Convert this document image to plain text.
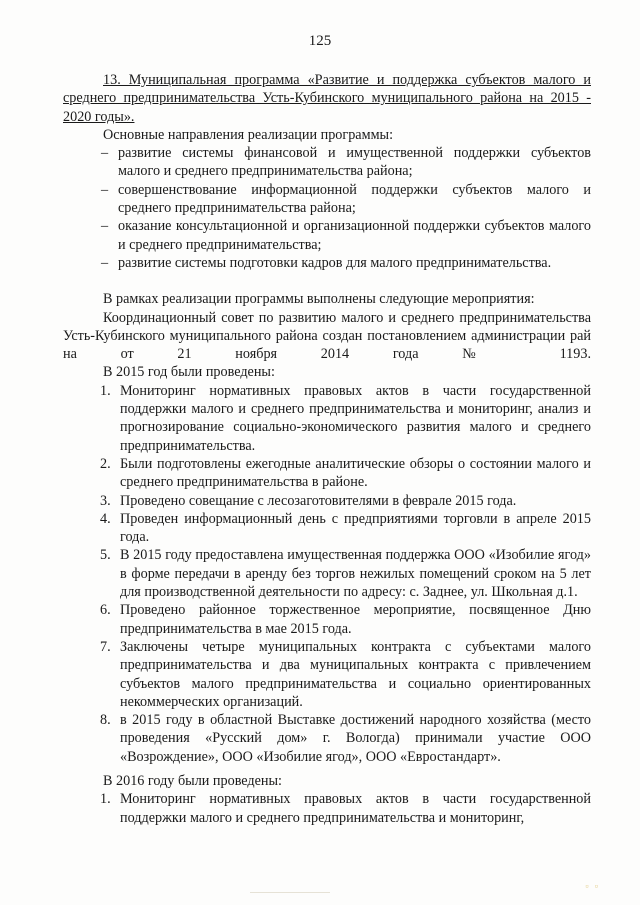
125

13. Муниципальная программа «Развитие и поддержка субъектов малого и среднего предпринимательства Усть-Кубинского муниципального района на 2015 - 2020 годы».

Основные направления реализации программы:

– развитие системы финансовой и имущественной поддержки субъектов малого и среднего предпринимательства района;
– совершенствование информационной поддержки субъектов малого и среднего предпринимательства района;
– оказание консультационной и организационной поддержки субъектов малого и среднего предпринимательства;
– развитие системы подготовки кадров для малого предпринимательства.

В рамках реализации программы выполнены следующие мероприятия:

Координационный совет по развитию малого и среднего предпринимательства Усть-Кубинского муниципального района создан постановлением администрации рай на от 21 ноября 2014 года № 1193.

В 2015 год были проведены:

1. Мониторинг нормативных правовых актов в части государственной поддержки малого и среднего предпринимательства и мониторинг, анализ и прогнозирование социально-экономического развития малого и среднего предпринимательства.
2. Были подготовлены ежегодные аналитические обзоры о состоянии малого и среднего предпринимательства в районе.
3. Проведено совещание с лесозаготовителями в феврале 2015 года.
4. Проведен информационный день с предприятиями торговли в апреле 2015 года.
5. В 2015 году предоставлена имущественная поддержка ООО «Изобилие ягод» в форме передачи в аренду без торгов нежилых помещений сроком на 5 лет для производственной деятельности по адресу: с. Заднее, ул. Школьная д.1.
6. Проведено районное торжественное мероприятие, посвященное Дню предпринимательства в мае 2015 года.
7. Заключены четыре муниципальных контракта с субъектами малого предпринимательства и два муниципальных контракта с привлечением субъектов малого предпринимательства и социально ориентированных некоммерческих организаций.
8. в 2015 году в областной Выставке достижений народного хозяйства (место проведения «Русский дом» г. Вологда) принимали участие ООО «Возрождение», ООО «Изобилие ягод», ООО «Евростандарт».

В 2016 году были проведены:

1. Мониторинг нормативных правовых актов в части государственной поддержки малого и среднего предпринимательства и мониторинг,
▫ ▫
